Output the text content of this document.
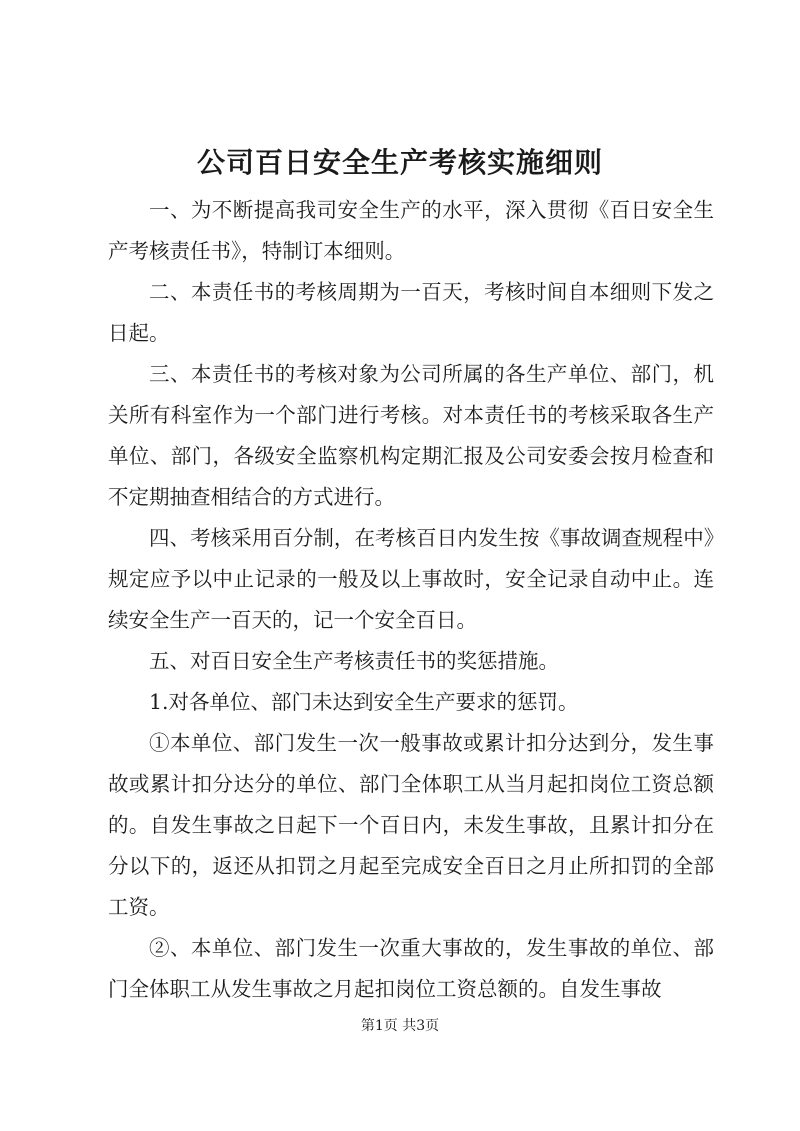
公司百日安全生产考核实施细则

一、为不断提高我司安全生产的水平，深入贯彻《百日安全生产考核责任书》，特制订本细则。

二、本责任书的考核周期为一百天，考核时间自本细则下发之日起。

三、本责任书的考核对象为公司所属的各生产单位、部门，机关所有科室作为一个部门进行考核。对本责任书的考核采取各生产单位、部门，各级安全监察机构定期汇报及公司安委会按月检查和不定期抽查相结合的方式进行。

四、考核采用百分制，在考核百日内发生按《事故调查规程中》规定应予以中止记录的一般及以上事故时，安全记录自动中止。连续安全生产一百天的，记一个安全百日。

五、对百日安全生产考核责任书的奖惩措施。

1.对各单位、部门未达到安全生产要求的惩罚。

①本单位、部门发生一次一般事故或累计扣分达到分，发生事故或累计扣分达分的单位、部门全体职工从当月起扣岗位工资总额的。自发生事故之日起下一个百日内，未发生事故，且累计扣分在分以下的，返还从扣罚之月起至完成安全百日之月止所扣罚的全部工资。

②、本单位、部门发生一次重大事故的，发生事故的单位、部门全体职工从发生事故之月起扣岗位工资总额的。自发生事故

第1页 共3页
